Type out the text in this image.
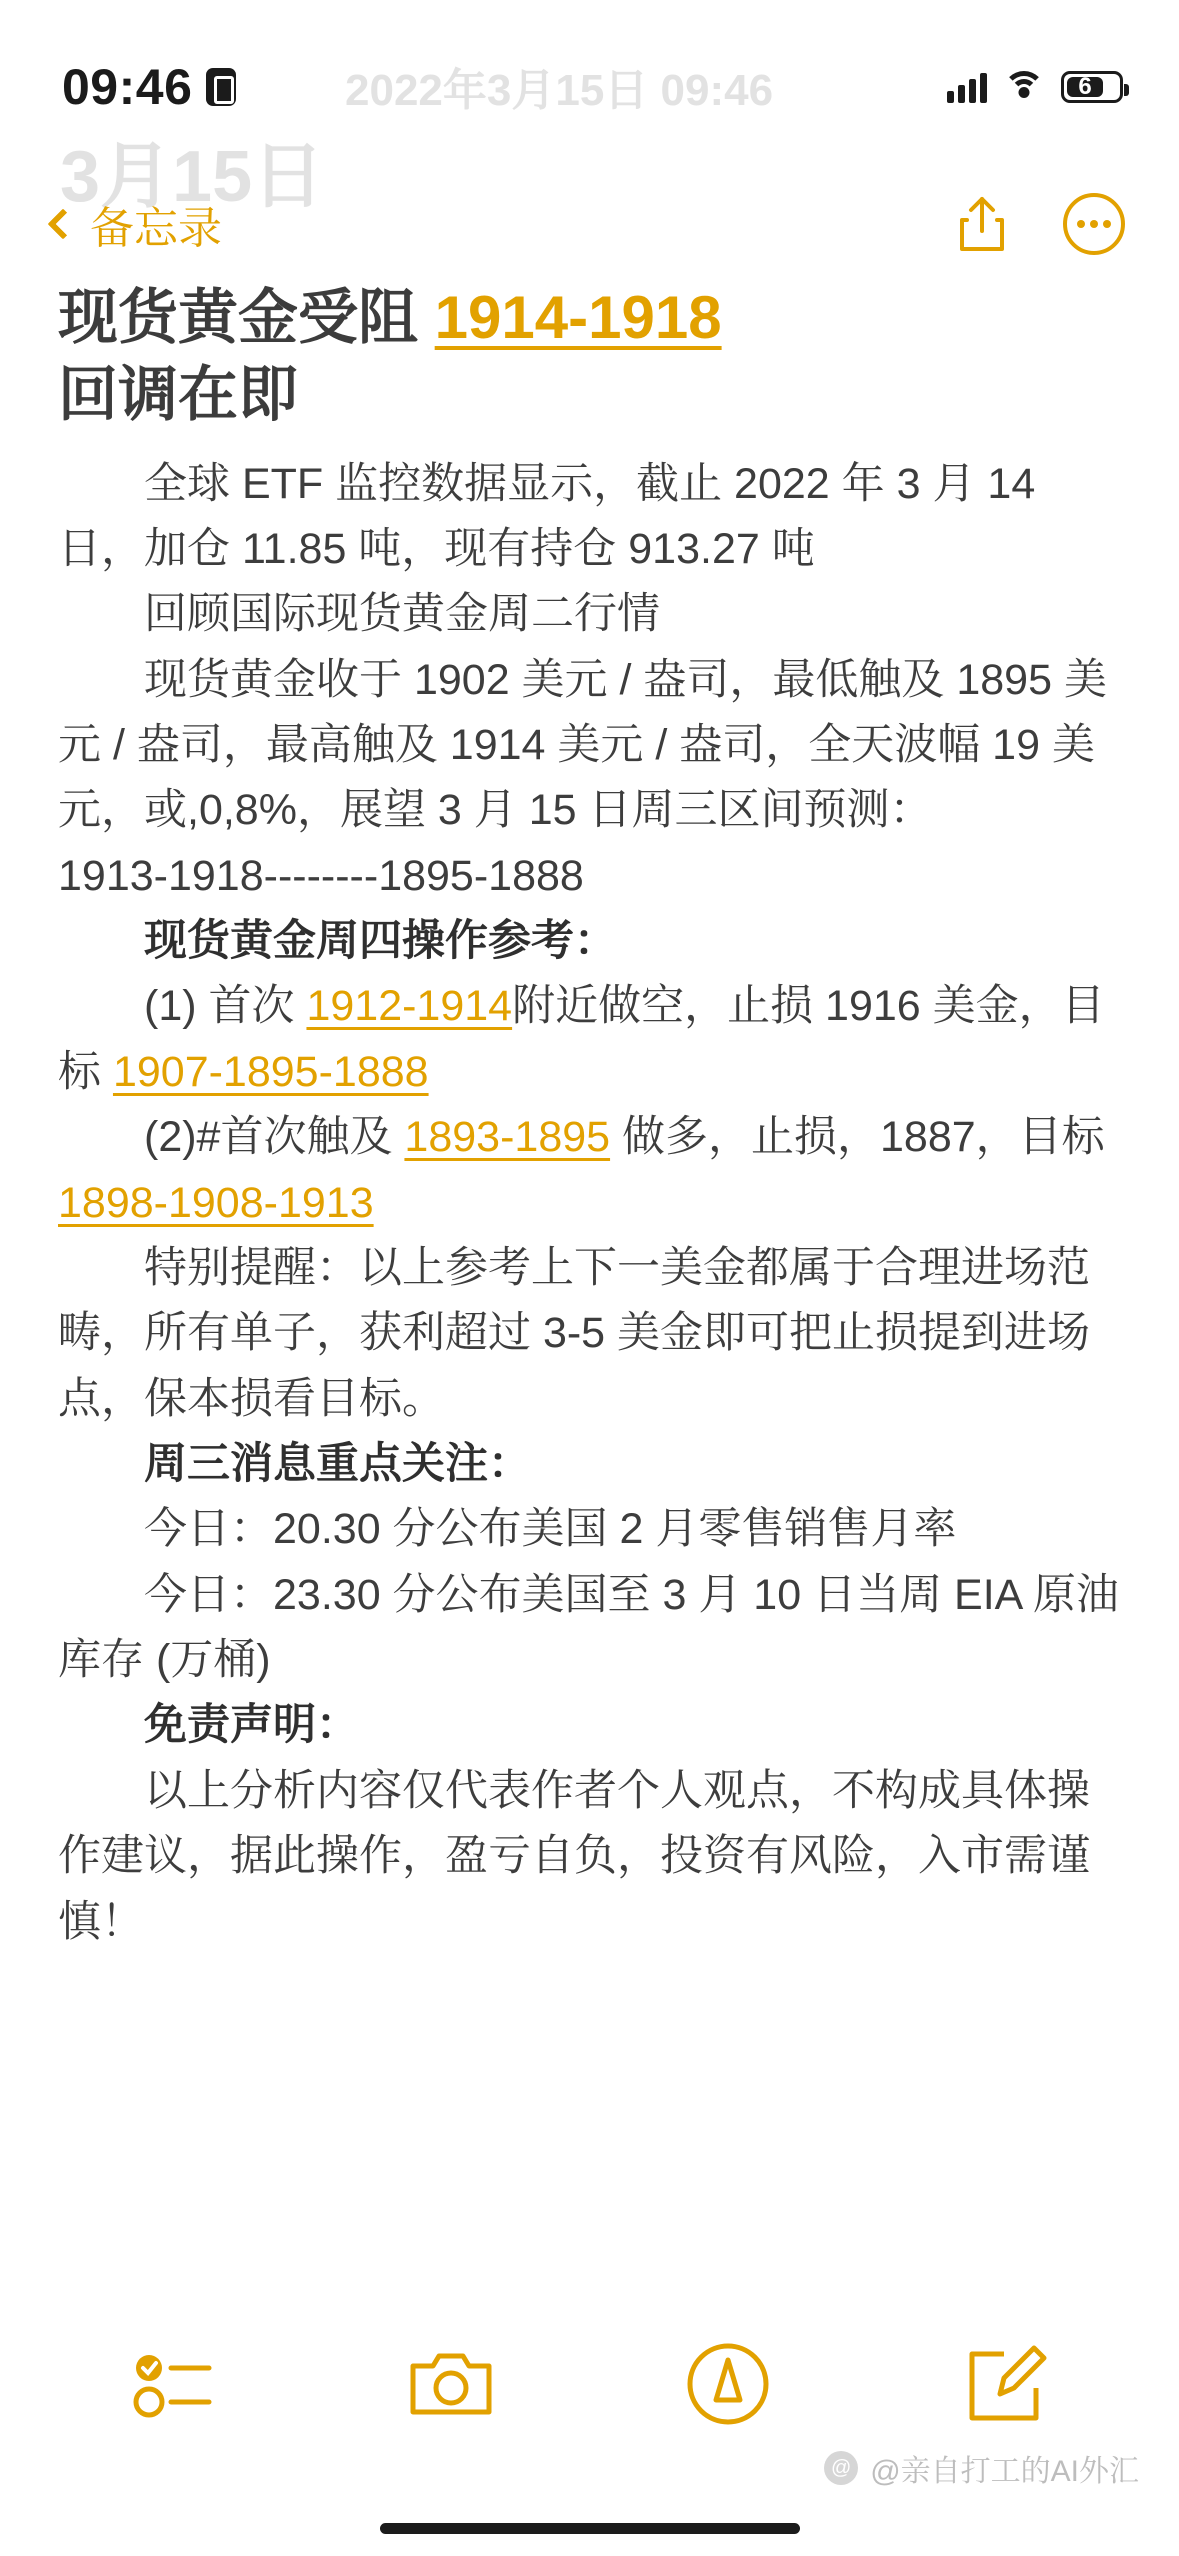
2022年3月15日 09:46
3月15日
09:46	6
备忘录
现货黄金受阻 1914-1918
回调在即

全球 ETF 监控数据显示，截止 2022 年 3 月 14 日，加仓 11.85 吨，现有持仓 913.27 吨

回顾国际现货黄金周二行情

现货黄金收于 1902 美元 / 盎司，最低触及 1895 美元 / 盎司，最高触及 1914 美元 / 盎司，全天波幅 19 美元，或,0,8%，展望 3 月 15 日周三区间预测：

1913-1918--------1895-1888

现货黄金周四操作参考：

(1) 首次 1912-1914附近做空，止损 1916 美金，目标 1907-1895-1888

(2)#首次触及 1893-1895 做多，止损，1887，目标 1898-1908-1913

特别提醒：以上参考上下一美金都属于合理进场范畴，所有单子，获利超过 3-5 美金即可把止损提到进场点，保本损看目标。

周三消息重点关注：

今日：20.30 分公布美国 2 月零售销售月率

今日：23.30 分公布美国至 3 月 10 日当周 EIA 原油库存 (万桶)

免责声明：

以上分析内容仅代表作者个人观点，不构成具体操作建议，据此操作，盈亏自负，投资有风险，入市需谨慎！

@ @亲自打工的AI外汇
